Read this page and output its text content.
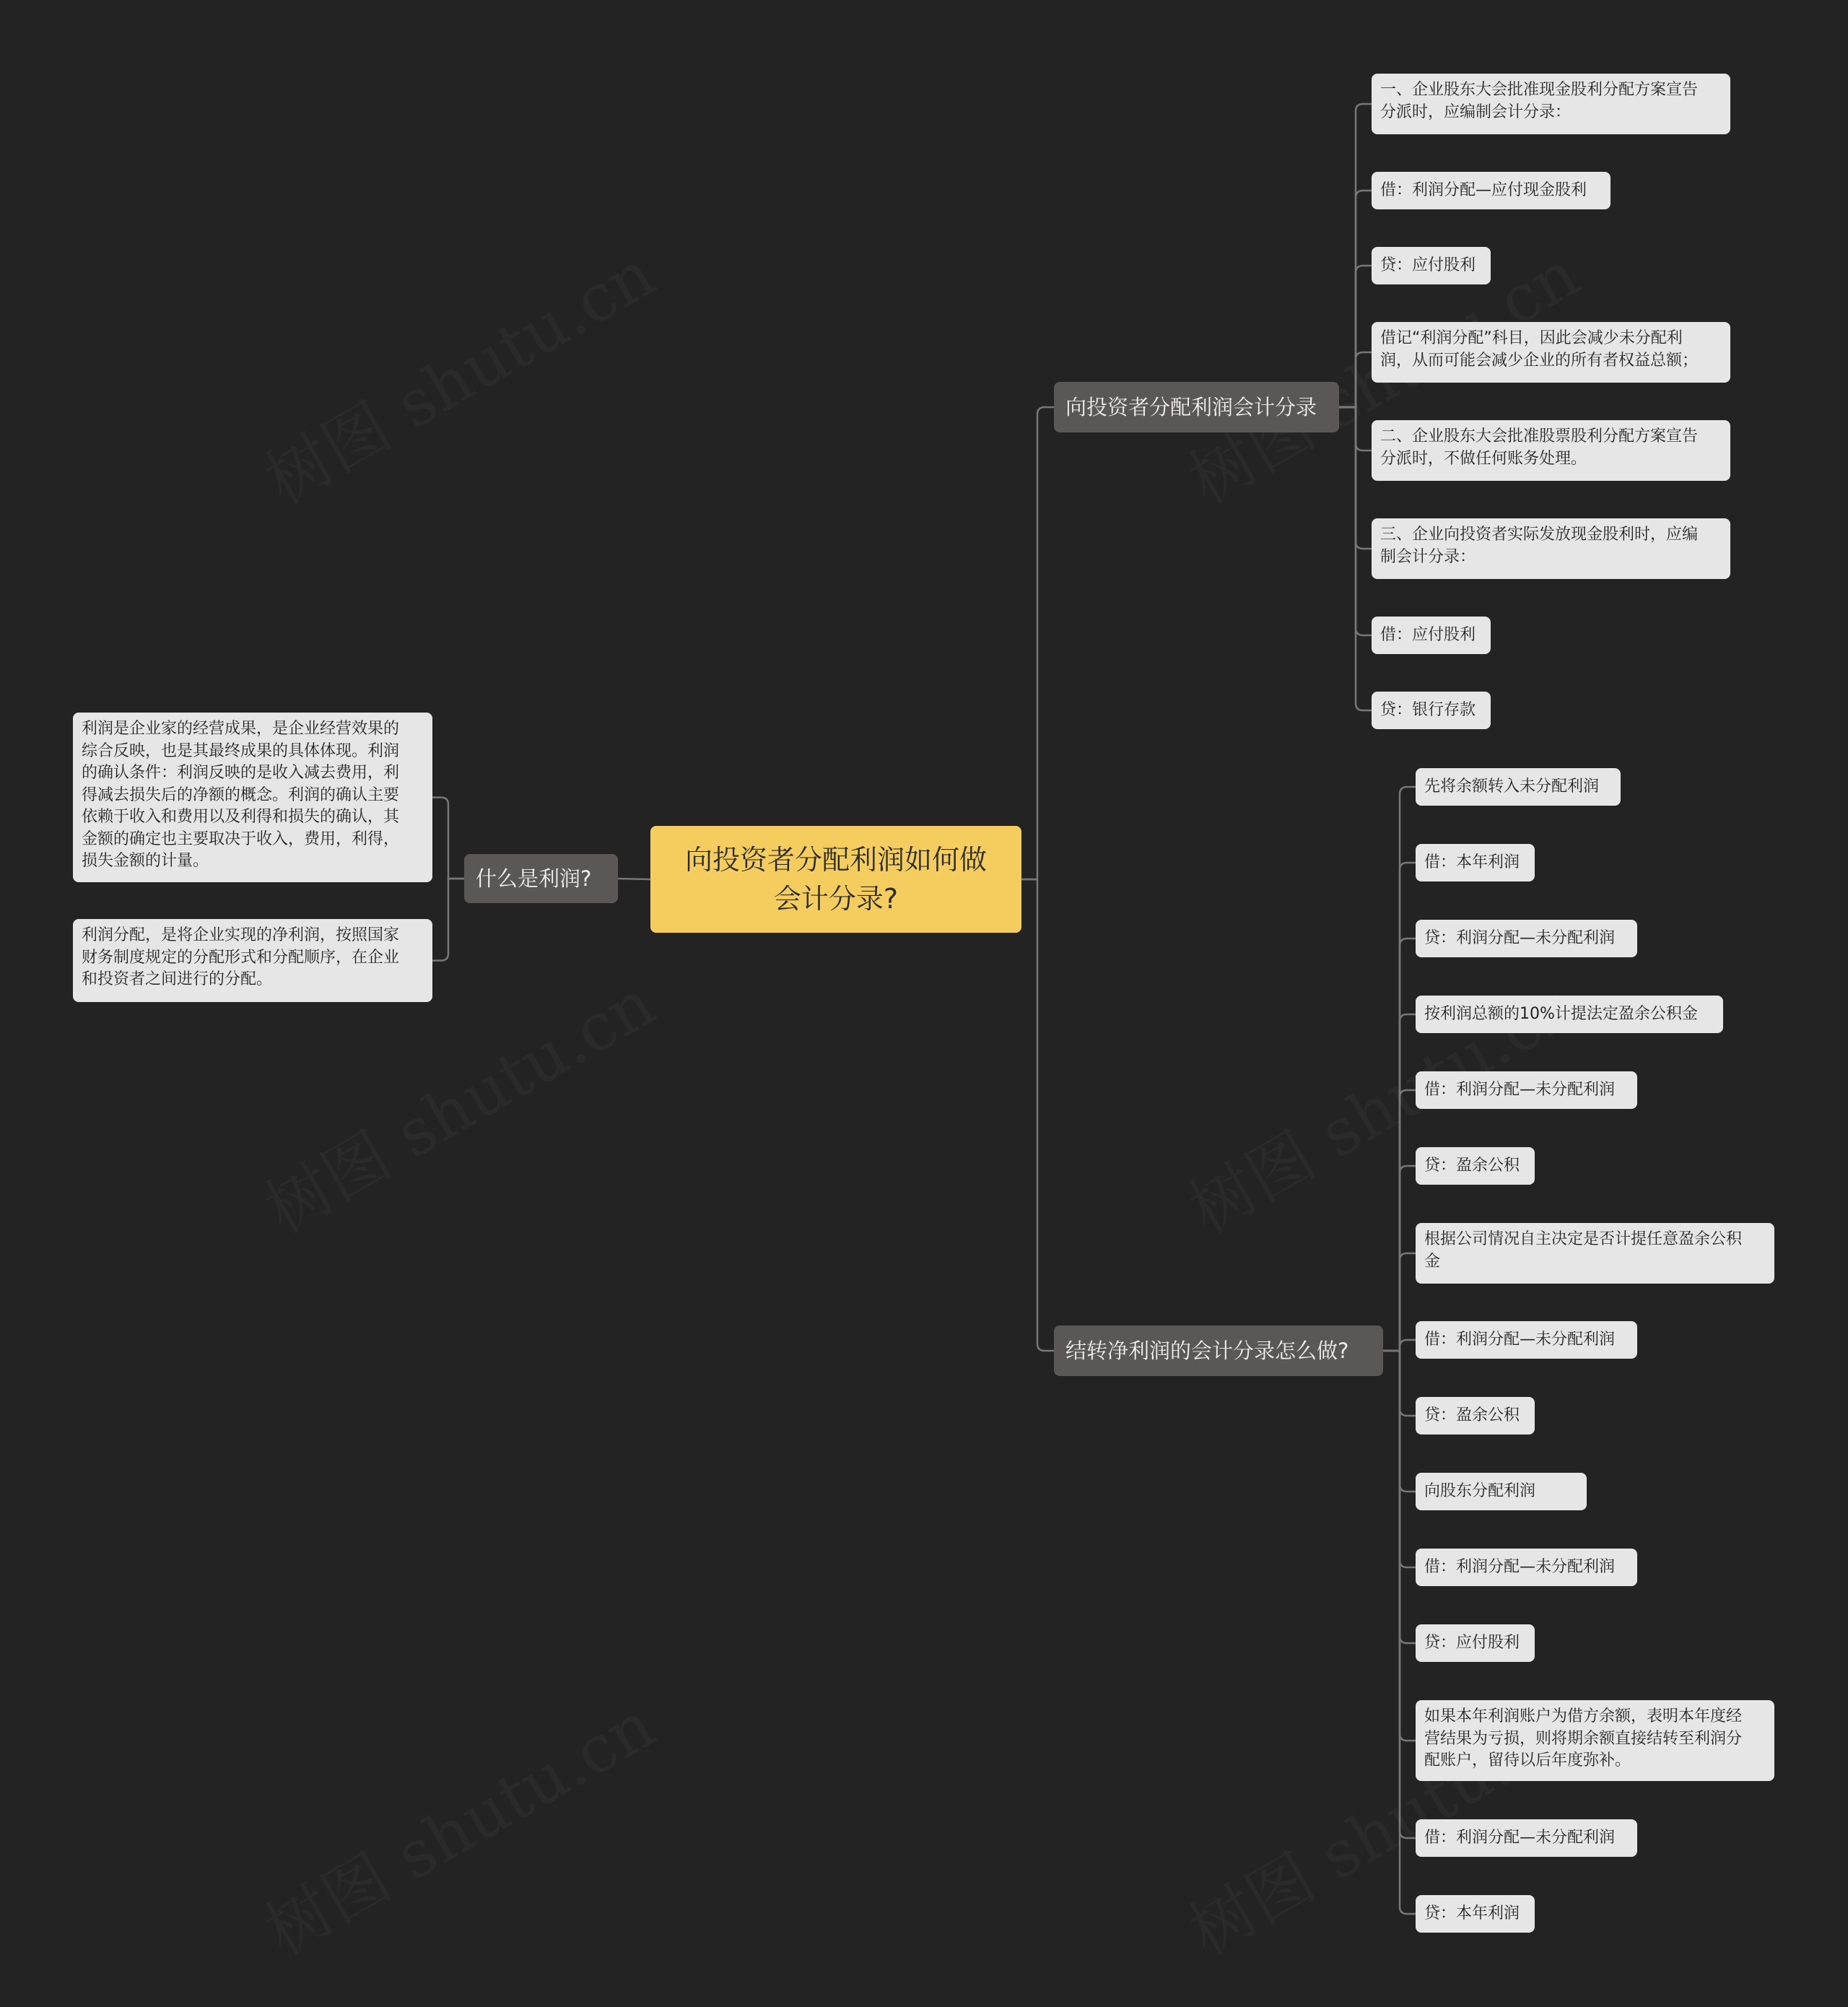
向投资者分配利润如何做 会计分录?
什么是利润?
利润是企业家的经营成果，是企业经营效果的
综合反映，也是其最终成果的具体体现。利润
的确认条件：利润反映的是收入减去费用，利
得减去损失后的净额的概念。利润的确认主要
依赖于收入和费用以及利得和损失的确认，其
金额的确定也主要取决于收入，费用，利得，
损失金额的计量。
利润分配，是将企业实现的净利润，按照国家
财务制度规定的分配形式和分配顺序，在企业
和投资者之间进行的分配。
向投资者分配利润会计分录
一、企业股东大会批准现金股利分配方案宣告
分派时，应编制会计分录：
借：利润分配—应付现金股利
贷：应付股利
借记“利润分配”科目，因此会减少未分配利
润，从而可能会减少企业的所有者权益总额；
二、企业股东大会批准股票股利分配方案宣告
分派时，不做任何账务处理。
三、企业向投资者实际发放现金股利时，应编
制会计分录：
借：应付股利
贷：银行存款
结转净利润的会计分录怎么做?
先将余额转入未分配利润
借：本年利润
贷：利润分配—未分配利润
按利润总额的10%计提法定盈余公积金
借：利润分配—未分配利润
贷：盈余公积
根据公司情况自主决定是否计提任意盈余公积
金
借：利润分配—未分配利润
贷：盈余公积
向股东分配利润
借：利润分配—未分配利润
贷：应付股利
如果本年利润账户为借方余额，表明本年度经
营结果为亏损，则将期余额直接结转至利润分
配账户，留待以后年度弥补。
借：利润分配—未分配利润
贷：本年利润
